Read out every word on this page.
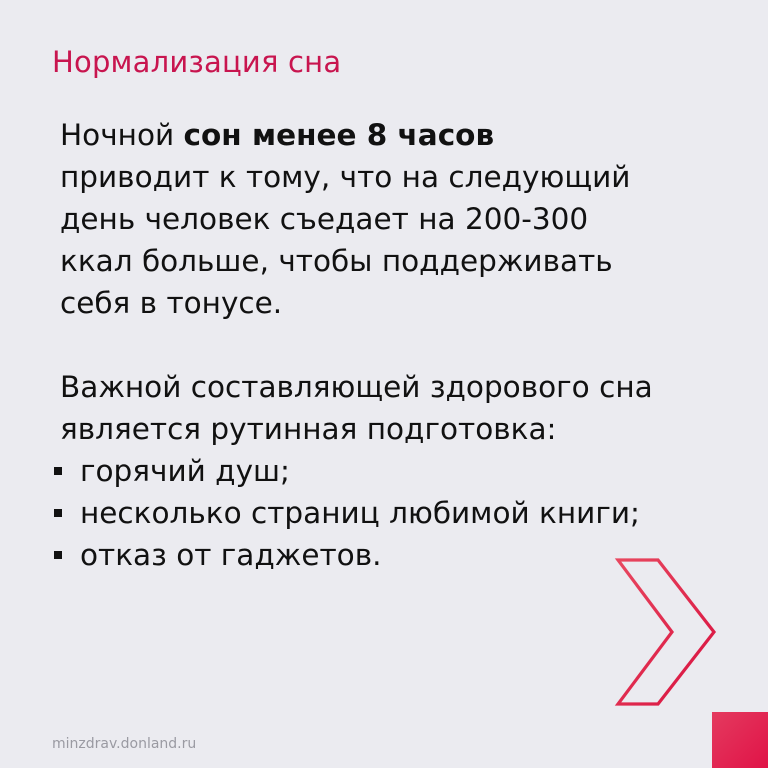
Нормализация сна

Ночной сон менее 8 часов
приводит к тому, что на следующий
день человек съедает на 200-300
ккал больше, чтобы поддерживать
себя в тонусе.

Важной составляющей здорового сна
является рутинная подготовка:
горячий душ;
несколько страниц любимой книги;
отказ от гаджетов.
minzdrav.donland.ru
